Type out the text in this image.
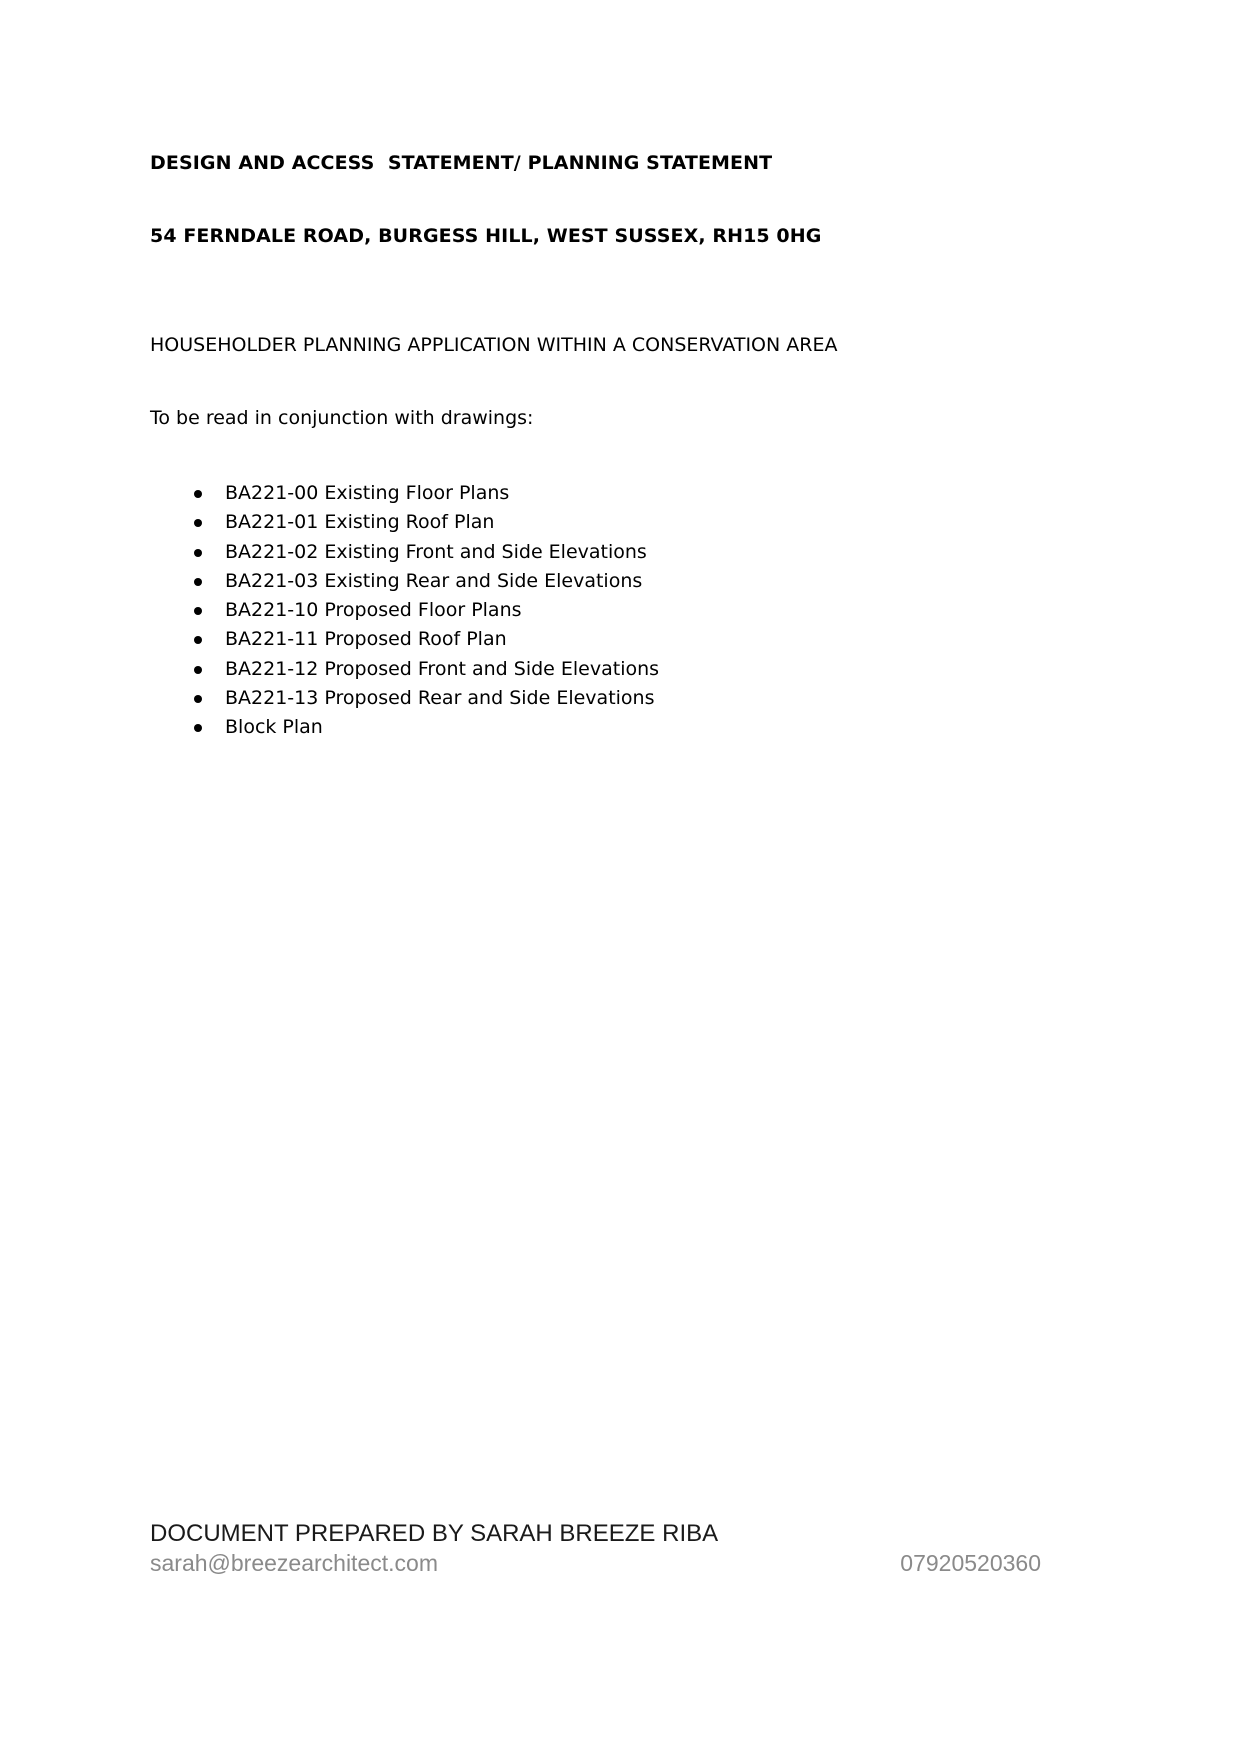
DESIGN AND ACCESS  STATEMENT/ PLANNING STATEMENT
54 FERNDALE ROAD, BURGESS HILL, WEST SUSSEX, RH15 0HG
HOUSEHOLDER PLANNING APPLICATION WITHIN A CONSERVATION AREA
To be read in conjunction with drawings:
BA221-00 Existing Floor Plans
BA221-01 Existing Roof Plan
BA221-02 Existing Front and Side Elevations
BA221-03 Existing Rear and Side Elevations
BA221-10 Proposed Floor Plans
BA221-11 Proposed Roof Plan
BA221-12 Proposed Front and Side Elevations
BA221-13 Proposed Rear and Side Elevations
Block Plan
DOCUMENT PREPARED BY SARAH BREEZE RIBA
sarah@breezearchitect.com	07920520360
